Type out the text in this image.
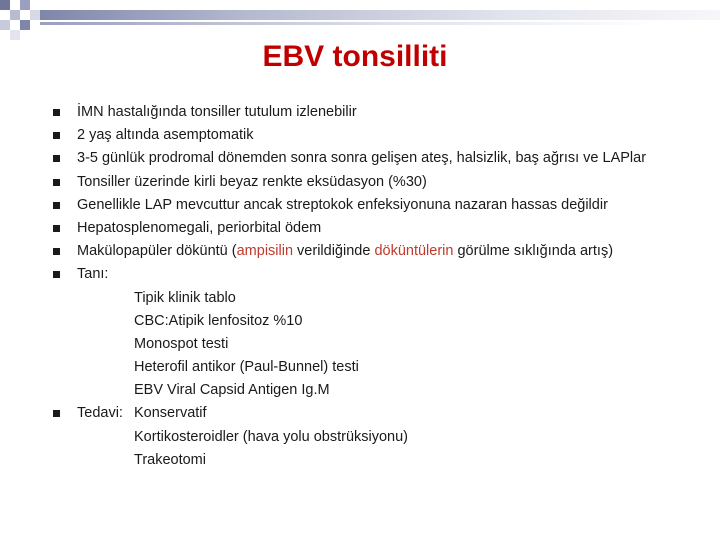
EBV tonsilliti
İMN hastalığında tonsiller tutulum izlenebilir
2 yaş altında asemptomatik
3-5 günlük prodromal dönemden sonra sonra gelişen ateş, halsizlik, baş ağrısı ve LAPlar
Tonsiller üzerinde kirli beyaz renkte eksüdasyon (%30)
Genellikle LAP mevcuttur ancak streptokok enfeksiyonuna nazaran hassas değildir
Hepatosplenomegali, periorbital ödem
Makülopapüler döküntü (ampisilin verildiğinde döküntülerin görülme sıklığında artış)
Tanı:
Tipik klinik tablo
CBC:Atipik lenfositoz %10
Monospot testi
Heterofil antikor (Paul-Bunnel) testi
EBV Viral Capsid Antigen Ig.M
Tedavi: Konservatif
Kortikosteroidler (hava yolu obstrüksiyonu)
Trakeotomi
